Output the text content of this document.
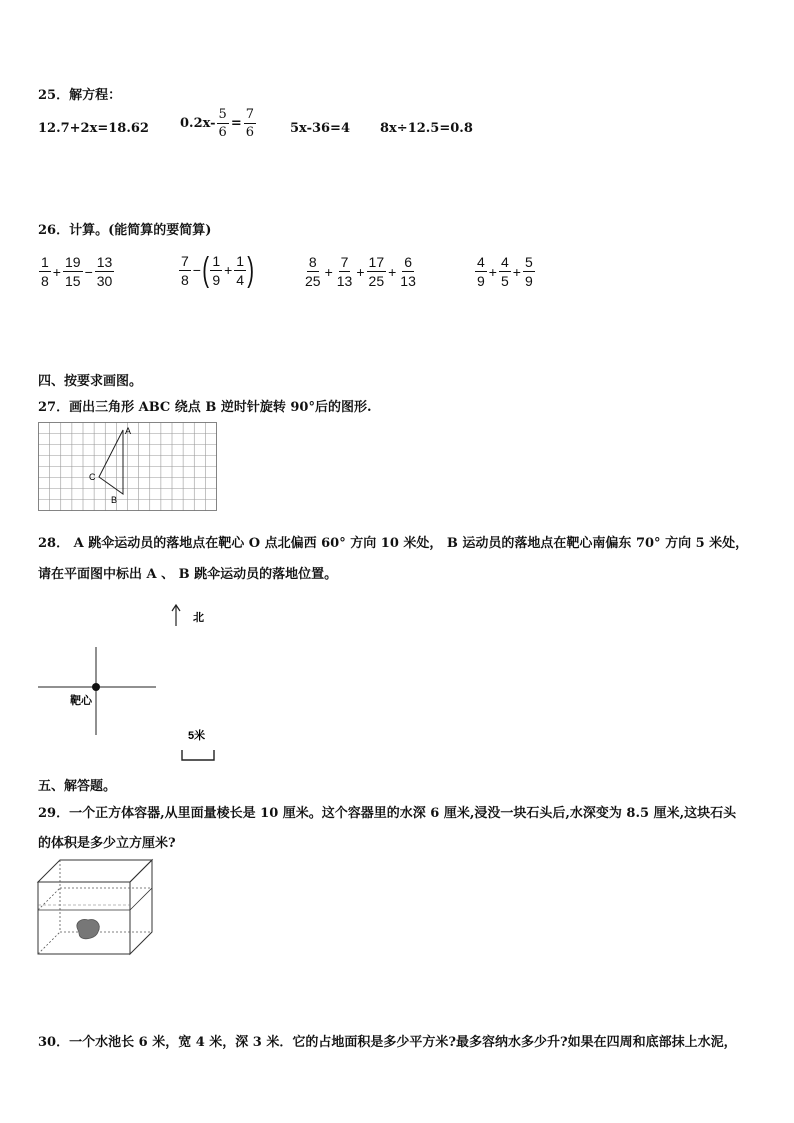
25．解方程：
12.7+2x=18.62 $0.2x- \frac{5}{6} = \frac{7}{6}$	5x-36=4 8x÷12.5=0.8
26．计算。(能简算的要简算)
$\frac{1}{8} + \frac{19}{15} - \frac{13}{30}$	$\frac{7}{8}$ − ( $\frac{1}{9} + \frac{1}{4}$ )	$\frac{8}{25} + \frac{7}{13} + \frac{17}{25} + \frac{6}{13}$	$\frac{4}{9} + \frac{4}{5} + \frac{5}{9}$
四、按要求画图。
27．画出三角形 ABC 绕点 B 逆时针旋转 90°后的图形.
A
B
C
28． A 跳伞运动员的落地点在靶心 O 点北偏西 60° 方向 10 米处， B 运动员的落地点在靶心南偏东 70° 方向 5 米处，
请在平面图中标出 A 、 B 跳伞运动员的落地位置。
北
靶心
5米
五、解答题。
29．一个正方体容器,从里面量棱长是 10 厘米。这个容器里的水深 6 厘米,浸没一块石头后,水深变为 8.5 厘米,这块石头
的体积是多少立方厘米?
30．一个水池长 6 米，宽 4 米，深 3 米．它的占地面积是多少平方米?最多容纳水多少升?如果在四周和底部抹上水泥，
